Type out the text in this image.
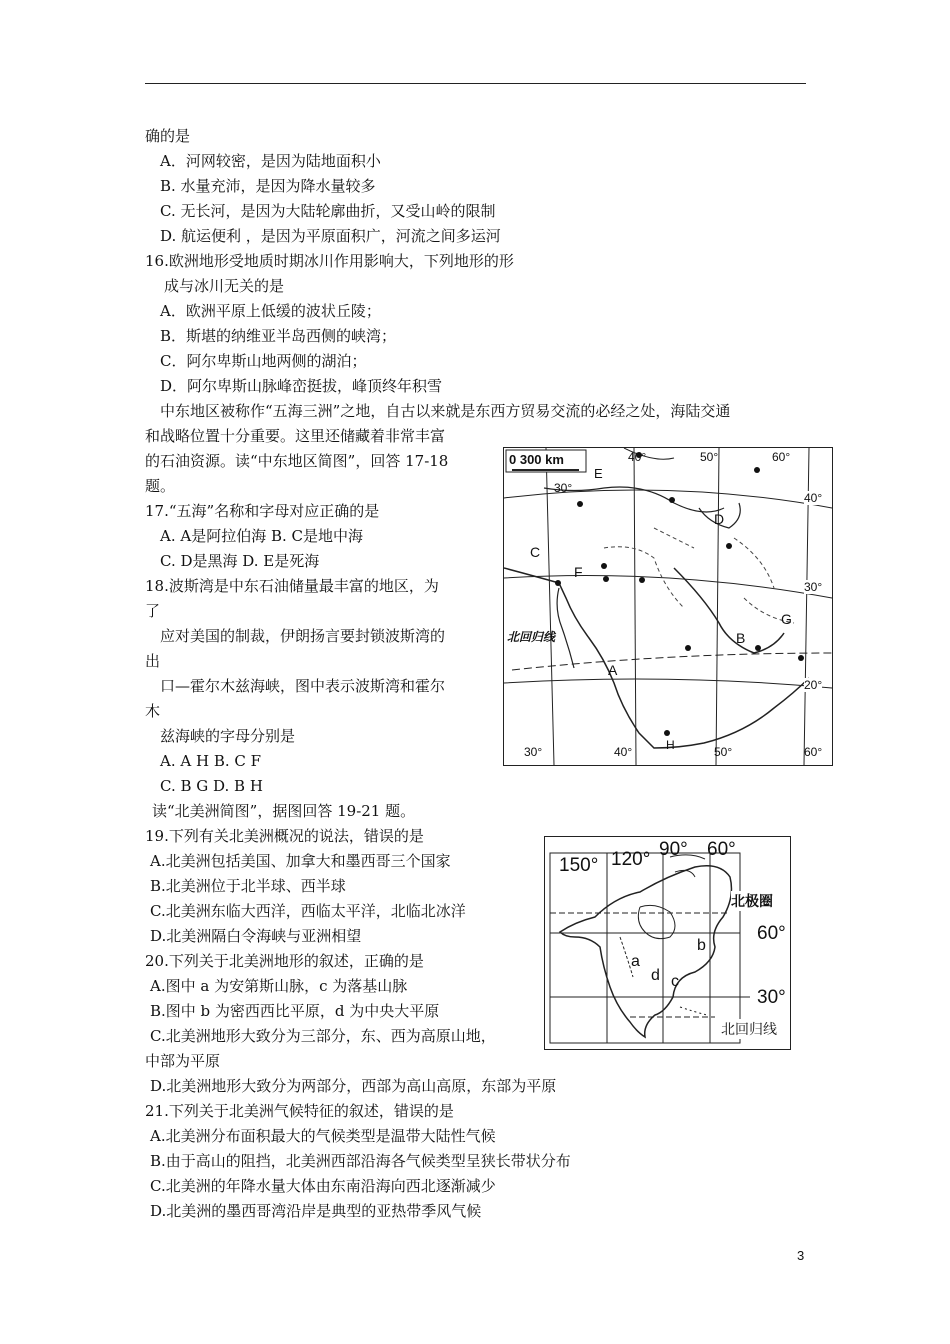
确的是
A．河网较密，是因为陆地面积小
B. 水量充沛，是因为降水量较多
C. 无长河，是因为大陆轮廓曲折，又受山岭的限制
D. 航运便利 ，是因为平原面积广，河流之间多运河
16.欧洲地形受地质时期冰川作用影响大，下列地形的形
成与冰川无关的是
A．欧洲平原上低缓的波状丘陵；
B．斯堪的纳维亚半岛西侧的峡湾；
C．阿尔卑斯山地两侧的湖泊；
D．阿尔卑斯山脉峰峦挺拔，峰顶终年积雪
中东地区被称作“五海三洲”之地，自古以来就是东西方贸易交流的必经之处，海陆交通
和战略位置十分重要。这里还储藏着非常丰富
的石油资源。读“中东地区简图”，回答 17-18
题。
17.“五海”名称和字母对应正确的是
A. A是阿拉伯海 B. C是地中海
C. D是黑海 D. E是死海
18.波斯湾是中东石油储量最丰富的地区，为
了
应对美国的制裁，伊朗扬言要封锁波斯湾的
出
口—霍尔木兹海峡，图中表示波斯湾和霍尔
木
兹海峡的字母分别是
A. A H B. C F
C. B G D. B H
读“北美洲简图”，据图回答 19-21 题。
19.下列有关北美洲概况的说法，错误的是
A.北美洲包括美国、加拿大和墨西哥三个国家
B.北美洲位于北半球、西半球
C.北美洲东临大西洋，西临太平洋，北临北冰洋
D.北美洲隔白令海峡与亚洲相望
20.下列关于北美洲地形的叙述，正确的是
A.图中 a 为安第斯山脉，c 为落基山脉
B.图中 b 为密西西比平原，d 为中央大平原
C.北美洲地形大致分为三部分，东、西为高原山地，
中部为平原
D.北美洲地形大致分为两部分，西部为高山高原，东部为平原
21.下列关于北美洲气候特征的叙述，错误的是
A.北美洲分布面积最大的气候类型是温带大陆性气候
B.由于高山的阻挡，北美洲西部沿海各气候类型呈狭长带状分布
C.北美洲的年降水量大体由东南沿海向西北逐渐减少
D.北美洲的墨西哥湾沿岸是典型的亚热带季风气候
0 300 km
E
D
C
F
G
B
A
H
40°	50°	60°
30°
40°
30°
20°
30°	40°	50°	60°
北回归线
150° 120° 90° 60°
北极圈
60°
30°
北回归线
a
b
c
d
3
